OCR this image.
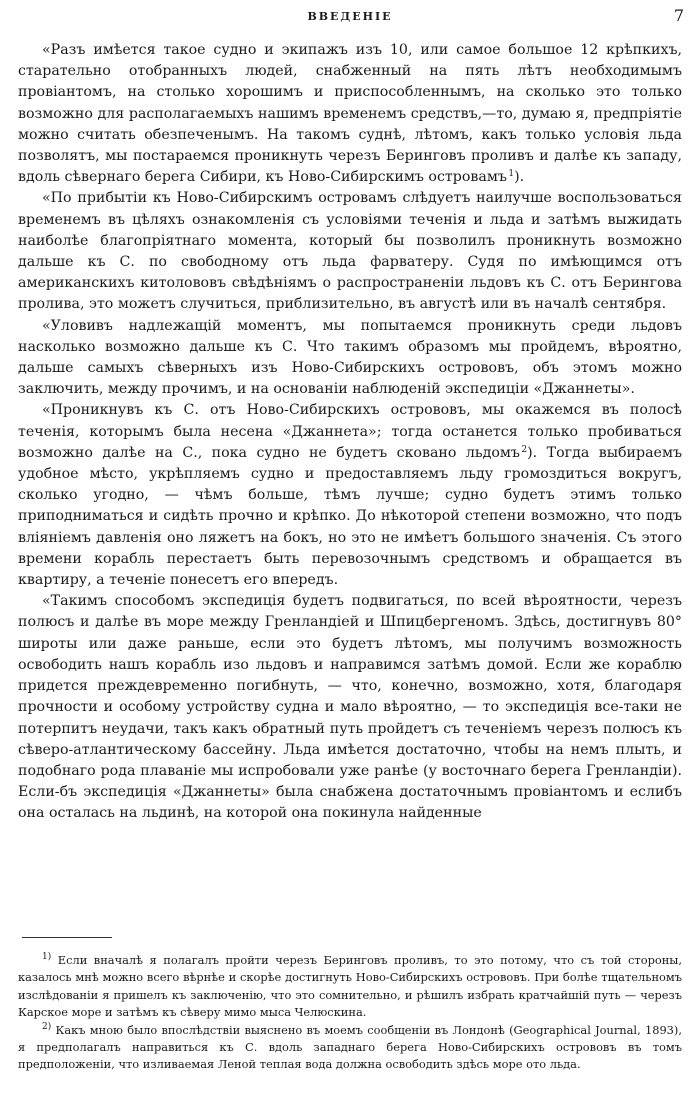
ВВЕДЕНIЕ	7

«Разъ имѣется такое судно и экипажъ изъ 10, или самое большое 12 крѣпкихъ, старательно отобранныхъ людей, снабженный на пять лѣтъ необходимымъ провiантомъ, на столько хорошимъ и приспособленнымъ, на сколько это только возможно для располагаемыхъ нашимъ временемъ средствъ,—то, думаю я, предпрiятiе можно считать обезпеченымъ. На такомъ суднѣ, лѣтомъ, какъ только условiя льда позволятъ, мы постараемся проникнуть черезъ Беринговъ проливъ и далѣе къ западу, вдоль сѣвернаго берега Сибири, къ Ново-Сибирскимъ островамъ $^1$).

«По прибытiи къ Ново-Сибирскимъ островамъ слѣдуетъ наилучше воспользоваться временемъ въ цѣляхъ ознакомленiя съ условiями теченiя и льда и затѣмъ выжидать наиболѣе благопрiятнаго момента, который бы позволилъ проникнуть возможно дальше къ С. по свободному отъ льда фарватеру. Судя по имѣющимся отъ американскихъ китолововъ свѣдѣнiямъ о распространенiи льдовъ къ С. отъ Берингова пролива, это можетъ случиться, приблизительно, въ августѣ или въ началѣ сентября.

«Уловивъ надлежащiй моментъ, мы попытаемся проникнуть среди льдовъ насколько возможно дальше къ С. Что такимъ образомъ мы пройдемъ, вѣроятно, дальше самыхъ сѣверныхъ изъ Ново-Сибирскихъ острововъ, объ этомъ можно заключить, между прочимъ, и на основанiи наблюденiй экспедицiи «Джаннеты».

«Проникнувъ къ С. отъ Ново-Сибирскихъ острововъ, мы окажемся въ полосѣ теченiя, которымъ была несена «Джаннета»; тогда останется только пробиваться возможно далѣе на С., пока судно не будетъ сковано льдомъ $^2$). Тогда выбираемъ удобное мѣсто, укрѣпляемъ судно и предоставляемъ льду громоздиться вокругъ, сколько угодно, — чѣмъ больше, тѣмъ лучше; судно будетъ этимъ только приподниматься и сидѣть прочно и крѣпко. До нѣкоторой степени возможно, что подъ влiянiемъ давленiя оно ляжетъ на бокъ, но это не имѣетъ большого значенiя. Съ этого времени корабль перестаетъ быть перевозочнымъ средствомъ и обращается въ квартиру, а теченiе понесетъ его впередъ.

«Такимъ способомъ экспедицiя будетъ подвигаться, по всей вѣроятности, черезъ полюсъ и далѣе въ море между Гренландiей и Шпицбергеномъ. Здѣсь, достигнувъ 80° широты или даже раньше, если это будетъ лѣтомъ, мы получимъ возможность освободить нашъ корабль изо льдовъ и направимся затѣмъ домой. Если же кораблю придется преждевременно погибнуть, — что, конечно, возможно, хотя, благодаря прочности и особому устройству судна и мало вѣроятно, — то экспедицiя все-таки не потерпитъ неудачи, такъ какъ обратный путь пройдетъ съ теченiемъ черезъ полюсъ къ сѣверо-атлантическому бассейну. Льда имѣется достаточно, чтобы на немъ плыть, и подобнаго рода плаванiе мы испробовали уже ранѣе (у восточнаго берега Гренландiи). Если-бъ экспедицiя «Джаннеты» была снабжена достаточнымъ провiантомъ и еслибъ она осталась на льдинѣ, на которой она покинула найденные

$^{1)}$ Если вначалѣ я полагалъ пройти черезъ Беринговъ проливъ, то это потому, что съ той стороны, казалось мнѣ можно всего вѣрнѣе и скорѣе достигнуть Ново-Сибирскихъ острововъ. При болѣе тщательномъ изслѣдованiи я пришелъ къ заключенiю, что это сомнительно, и рѣшилъ избрать кратчайшiй путь — черезъ Карское море и затѣмъ къ сѣверу мимо мыса Челюскина.

$^{2)}$ Какъ мною было впослѣдствiи выяснено въ моемъ сообщенiи въ Лондонѣ (Geographical Journal, 1893), я предполагалъ направиться къ С. вдоль западнаго берега Ново-Сибирскихъ острововъ въ томъ предположенiи, что изливаемая Леной теплая вода должна освободить здѣсь море ото льда.
